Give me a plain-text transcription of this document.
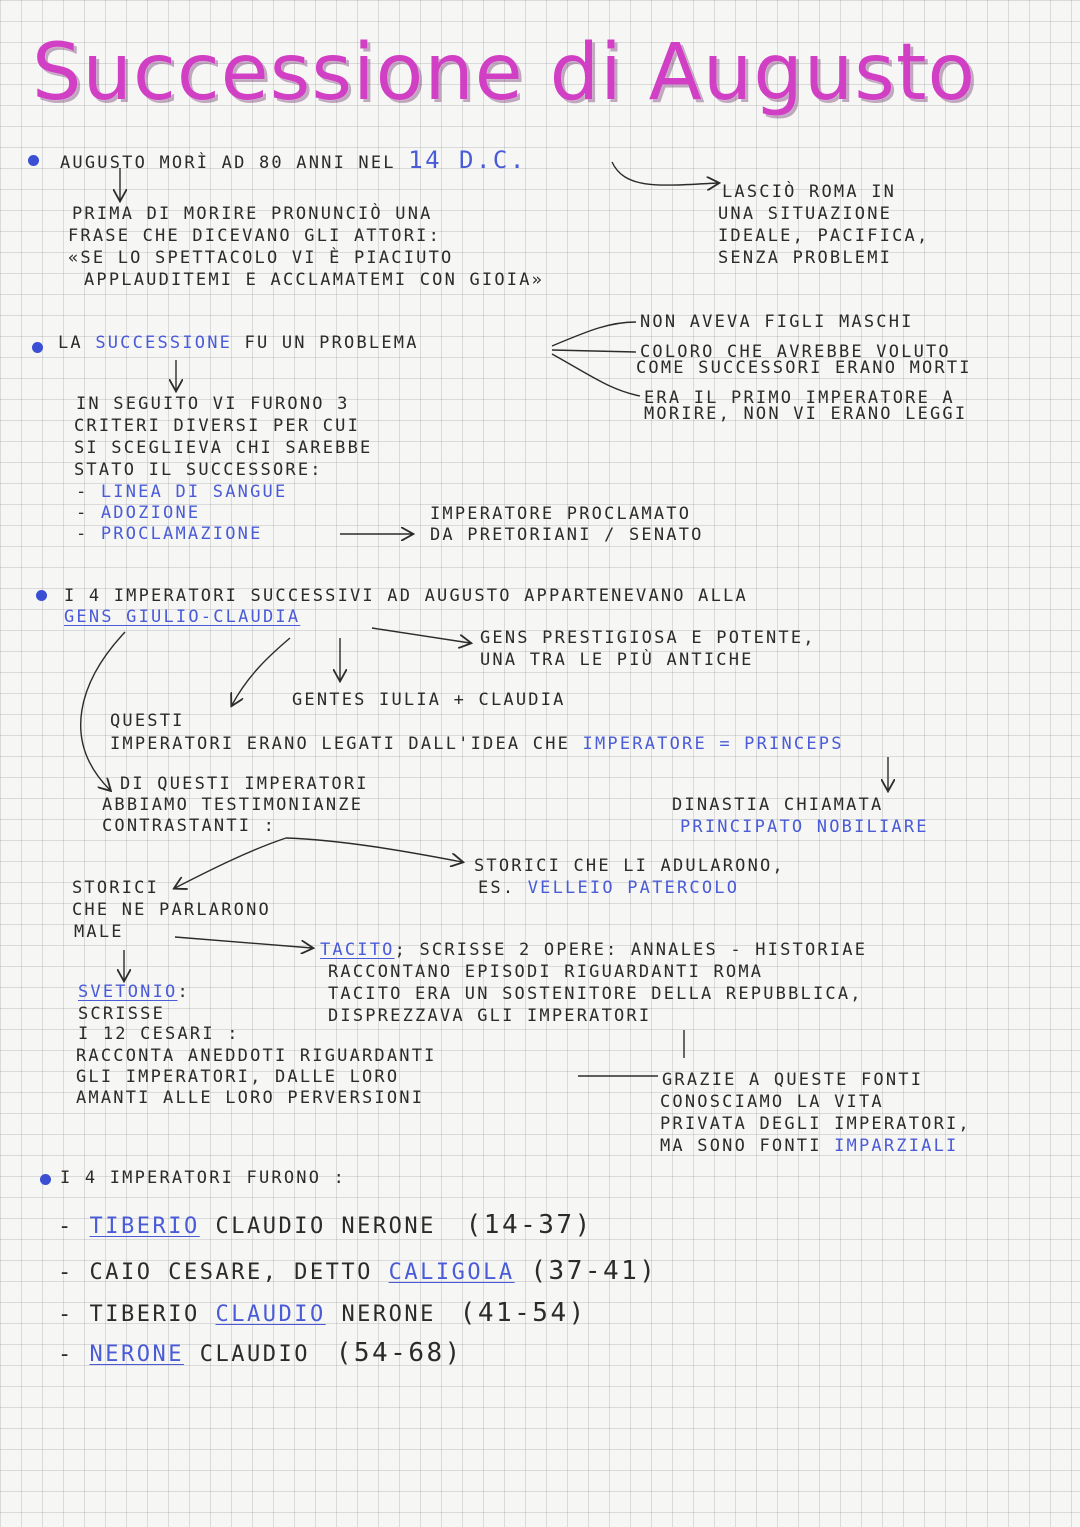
Successione di Augusto
AUGUSTO MORÌ AD 80 ANNI NEL 14 D.C.
PRIMA DI MORIRE PRONUNCIÒ UNA
FRASE CHE DICEVANO GLI ATTORI:
«SE LO SPETTACOLO VI È PIACIUTO
APPLAUDITEMI E ACCLAMATEMI CON GIOIA»
LASCIÒ ROMA IN
UNA SITUAZIONE
IDEALE, PACIFICA,
SENZA PROBLEMI
LA SUCCESSIONE FU UN PROBLEMA
NON AVEVA FIGLI MASCHI
COLORO CHE AVREBBE VOLUTO
COME SUCCESSORI ERANO MORTI
ERA IL PRIMO IMPERATORE A
MORIRE, NON VI ERANO LEGGI
IN SEGUITO VI FURONO 3
CRITERI DIVERSI PER CUI
SI SCEGLIEVA CHI SAREBBE
STATO IL SUCCESSORE:
- LINEA DI SANGUE
- ADOZIONE
- PROCLAMAZIONE
IMPERATORE PROCLAMATO
DA PRETORIANI / SENATO
I 4 IMPERATORI SUCCESSIVI AD AUGUSTO APPARTENEVANO ALLA
GENS GIULIO-CLAUDIA
GENS PRESTIGIOSA E POTENTE,
UNA TRA LE PIÙ ANTICHE
GENTES IULIA + CLAUDIA
QUESTI
IMPERATORI ERANO LEGATI DALL'IDEA CHE IMPERATORE = PRINCEPS
DINASTIA CHIAMATA
PRINCIPATO NOBILIARE
DI QUESTI IMPERATORI
ABBIAMO TESTIMONIANZE
CONTRASTANTI :
STORICI CHE LI ADULARONO,
ES. VELLEIO PATERCOLO
STORICI
CHE NE PARLARONO
MALE
TACITO; SCRISSE 2 OPERE: ANNALES - HISTORIAE
RACCONTANO EPISODI RIGUARDANTI ROMA
TACITO ERA UN SOSTENITORE DELLA REPUBBLICA,
DISPREZZAVA GLI IMPERATORI
SVETONIO:
SCRISSE
I 12 CESARI :
RACCONTA ANEDDOTI RIGUARDANTI
GLI IMPERATORI, DALLE LORO
AMANTI ALLE LORO PERVERSIONI
GRAZIE A QUESTE FONTI
CONOSCIAMO LA VITA
PRIVATA DEGLI IMPERATORI,
MA SONO FONTI IMPARZIALI
I 4 IMPERATORI FURONO :
- TIBERIO CLAUDIO NERONE (14-37)
- CAIO CESARE, DETTO CALIGOLA (37-41)
- TIBERIO CLAUDIO NERONE (41-54)
- NERONE CLAUDIO (54-68)
